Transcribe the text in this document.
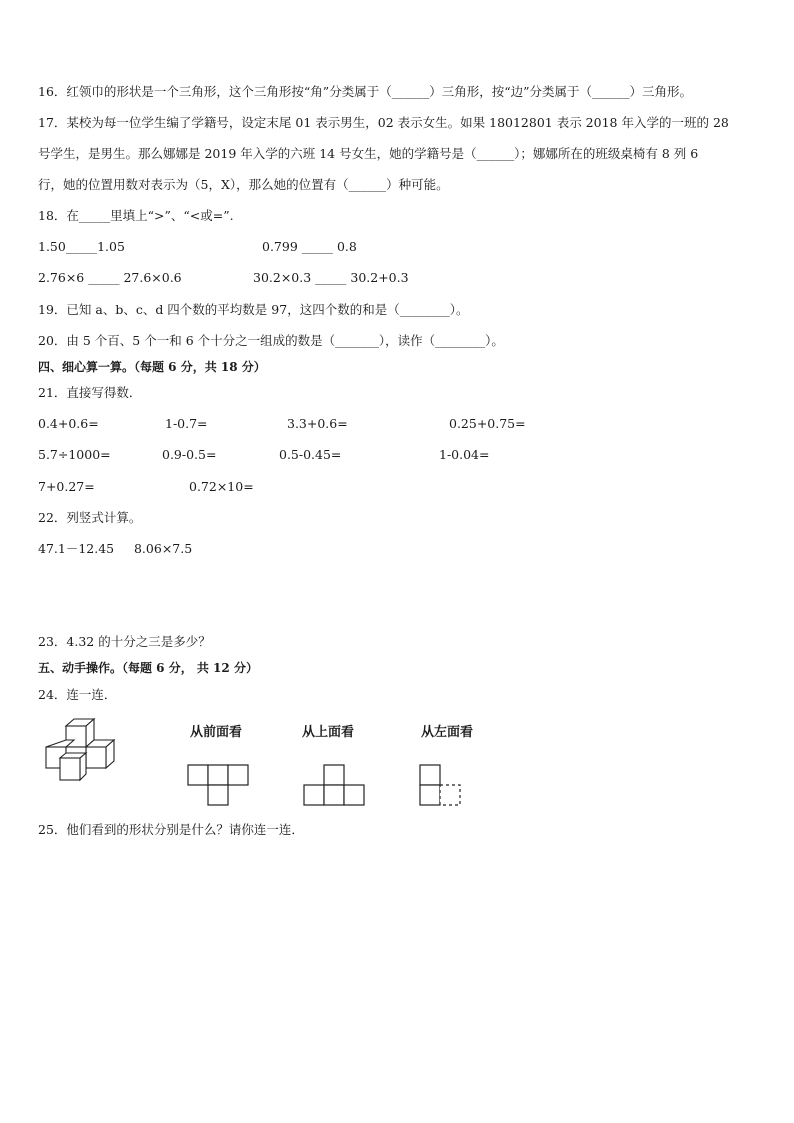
16．红领巾的形状是一个三角形，这个三角形按“角”分类属于（______）三角形，按“边”分类属于（______）三角形。
17．某校为每一位学生编了学籍号，设定末尾 01 表示男生，02 表示女生。如果 18012801 表示 2018 年入学的一班的 28
号学生，是男生。那么娜娜是 2019 年入学的六班 14 号女生，她的学籍号是（______）；娜娜所在的班级桌椅有 8 列 6
行，她的位置用数对表示为（5，X），那么她的位置有（______）种可能。
18．在_____里填上“>”、“<或=”.
1.50_____1.05	0.799 _____ 0.8
2.76×6 _____ 27.6×0.6	30.2×0.3 _____ 30.2+0.3
19．已知 a、b、c、d 四个数的平均数是 97，这四个数的和是（________）。
20．由 5 个百、5 个一和 6 个十分之一组成的数是（_______），读作（________）。
四、细心算一算。（每题 6 分，共 18 分）
21．直接写得数．
0.4+0.6=	1-0.7=	3.3+0.6=	0.25+0.75=
5.7÷1000=	0.9-0.5=	0.5-0.45=	1-0.04=
7+0.27=	0.72×10=
22．列竖式计算。
47.1－12.45     8.06×7.5
23．4.32 的十分之三是多少？
五、动手操作。（每题 6 分， 共 12 分）
24．连一连．
从前面看	从上面看	从左面看
25．他们看到的形状分别是什么？请你连一连．
